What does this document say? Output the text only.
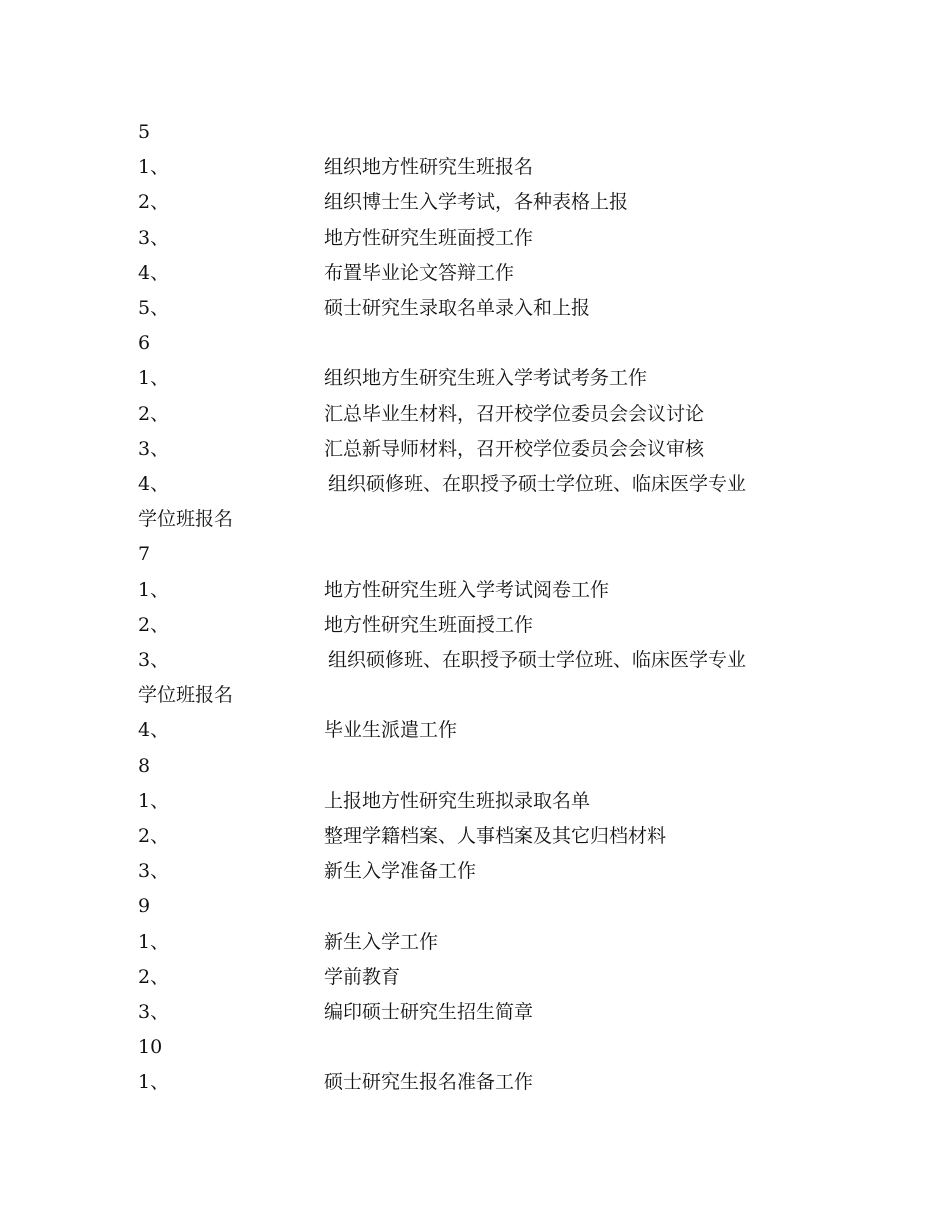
5
1、	组织地方性研究生班报名
2、	组织博士生入学考试，各种表格上报
3、	地方性研究生班面授工作
4、	布置毕业论文答辩工作
5、	硕士研究生录取名单录入和上报
6
1、	组织地方生研究生班入学考试考务工作
2、	汇总毕业生材料，召开校学位委员会会议讨论
3、	汇总新导师材料，召开校学位委员会会议审核
4、	组织硕修班、在职授予硕士学位班、临床医学专业
学位班报名
7
1、	地方性研究生班入学考试阅卷工作
2、	地方性研究生班面授工作
3、	组织硕修班、在职授予硕士学位班、临床医学专业
学位班报名
4、	毕业生派遣工作
8
1、	上报地方性研究生班拟录取名单
2、	整理学籍档案、人事档案及其它归档材料
3、	新生入学准备工作
9
1、	新生入学工作
2、	学前教育
3、	编印硕士研究生招生简章
10
1、	硕士研究生报名准备工作
